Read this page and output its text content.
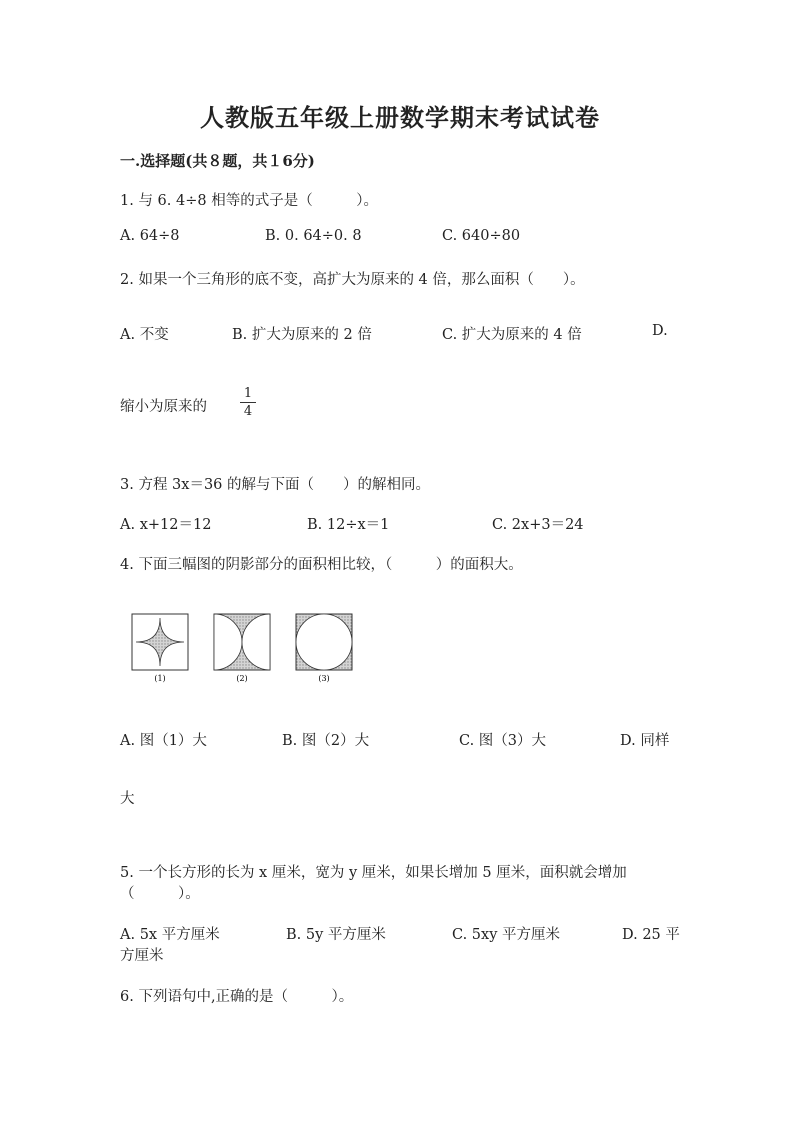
人教版五年级上册数学期末考试试卷
一.选择题(共８题，共１6分)
1. 与 6. 4÷8 相等的式子是（　　　）。
A. 64÷8	B. 0. 64÷0. 8	C. 640÷80
2. 如果一个三角形的底不变，高扩大为原来的 4 倍，那么面积（　　）。
A. 不变	B. 扩大为原来的 2 倍	C. 扩大为原来的 4 倍	D.
缩小为原来的
1
4
3. 方程 3x＝36 的解与下面（　　）的解相同。
A. x+12＝12	B. 12÷x＝1	C. 2x+3＝24
4. 下面三幅图的阴影部分的面积相比较，（　　　）的面积大。
(1)	(2)	(3)
A. 图（1）大	B. 图（2）大	C. 图（3）大	D. 同样
大
5. 一个长方形的长为 x 厘米，宽为 y 厘米，如果长增加 5 厘米，面积就会增加
（　　　）。
A. 5x 平方厘米	B. 5y 平方厘米	C. 5xy 平方厘米	D. 25 平
方厘米
6. 下列语句中,正确的是（　　　）。
